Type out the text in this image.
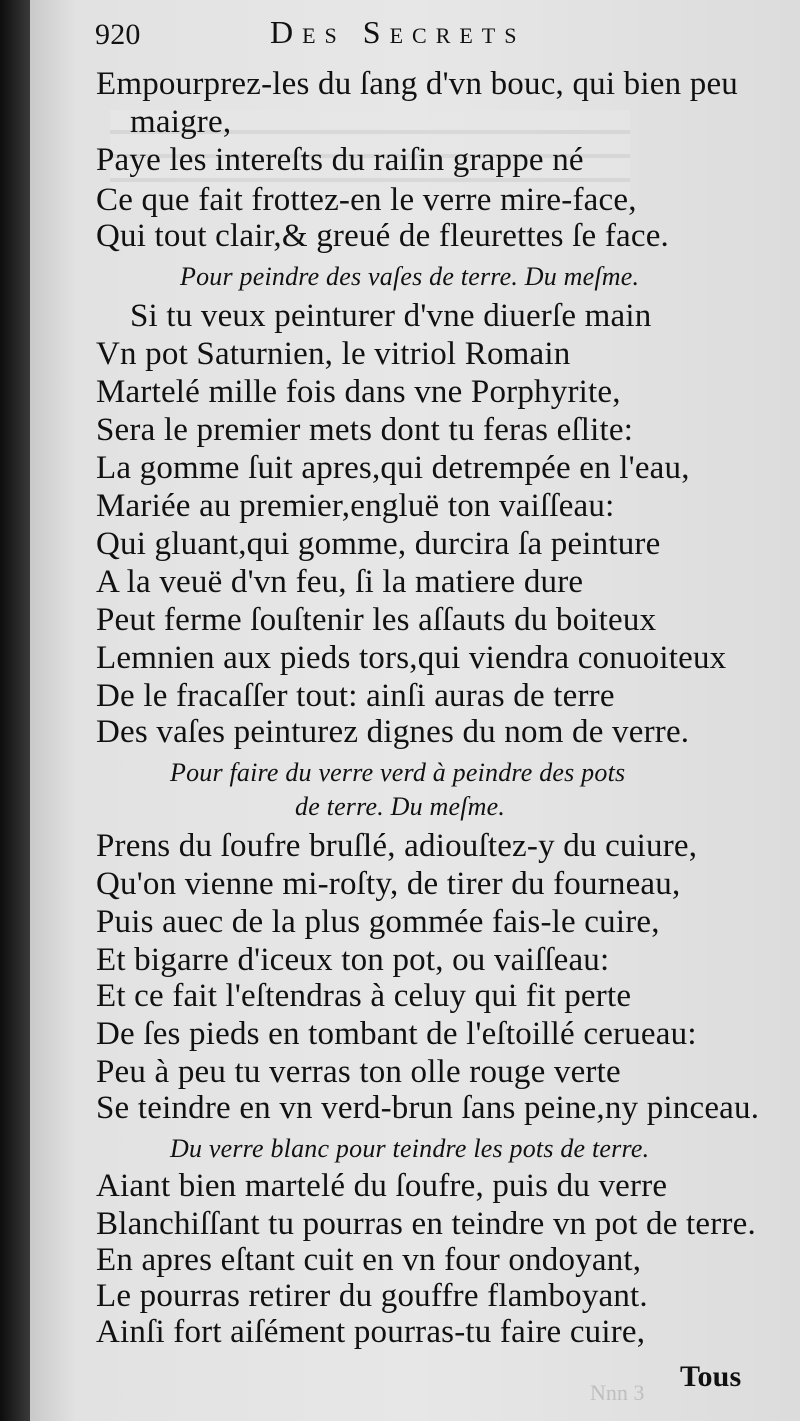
920	Des Secrets
Empourprez-les du ſang d'vn bouc, qui bien peu
maigre,
Paye les intereſts du raiſin grappe né
Ce que fait frottez-en le verre mire-face,
Qui tout clair,& greué de fleurettes ſe face.
Pour peindre des vaſes de terre. Du meſme.
Si tu veux peinturer d'vne diuerſe main
Vn pot Saturnien, le vitriol Romain
Martelé mille fois dans vne Porphyrite,
Sera le premier mets dont tu feras eſlite:
La gomme ſuit apres,qui detrempée en l'eau,
Mariée au premier,engluë ton vaiſſeau:
Qui gluant,qui gomme, durcira ſa peinture
A la veuë d'vn feu, ſi la matiere dure
Peut ferme ſouſtenir les aſſauts du boiteux
Lemnien aux pieds tors,qui viendra conuoiteux
De le fracaſſer tout: ainſi auras de terre
Des vaſes peinturez dignes du nom de verre.
Pour faire du verre verd à peindre des pots
de terre. Du meſme.
Prens du ſoufre bruſlé, adiouſtez-y du cuiure,
Qu'on vienne mi-roſty, de tirer du fourneau,
Puis auec de la plus gommée fais-le cuire,
Et bigarre d'iceux ton pot, ou vaiſſeau:
Et ce fait l'eſtendras à celuy qui fit perte
De ſes pieds en tombant de l'eſtoillé cerueau:
Peu à peu tu verras ton olle rouge verte
Se teindre en vn verd-brun ſans peine,ny pinceau.
Du verre blanc pour teindre les pots de terre.
Aiant bien martelé du ſoufre, puis du verre
Blanchiſſant tu pourras en teindre vn pot de terre.
En apres eſtant cuit en vn four ondoyant,
Le pourras retirer du gouffre flamboyant.
Ainſi fort aiſément pourras-tu faire cuire,
Nnn 3 Tous
